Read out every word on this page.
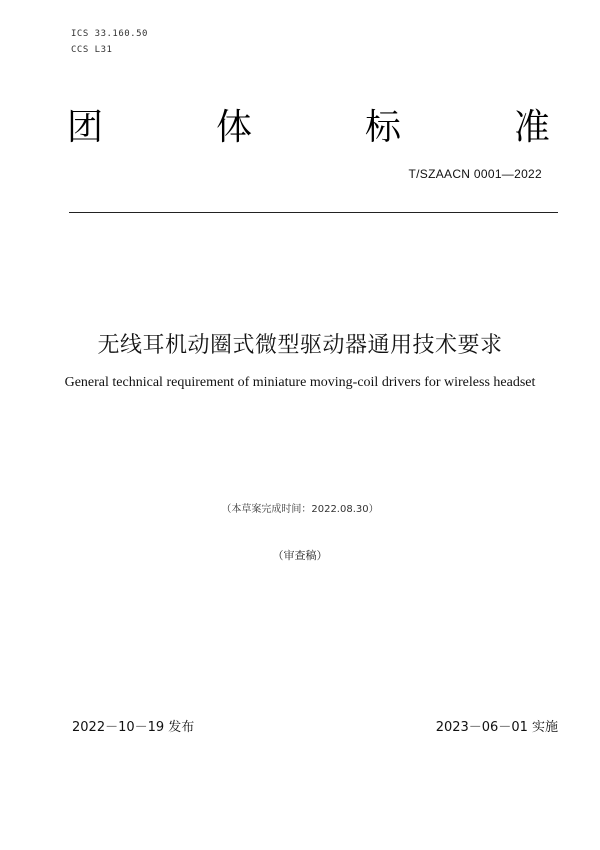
ICS 33.160.50
CCS L31
团	体	标	准
T/SZAACN 0001—2022
无线耳机动圈式微型驱动器通用技术要求
General technical requirement of miniature moving-coil drivers for wireless headset
（本草案完成时间：2022.08.30）
（审查稿）
2022－10－19 发布	2023－06－01 实施
